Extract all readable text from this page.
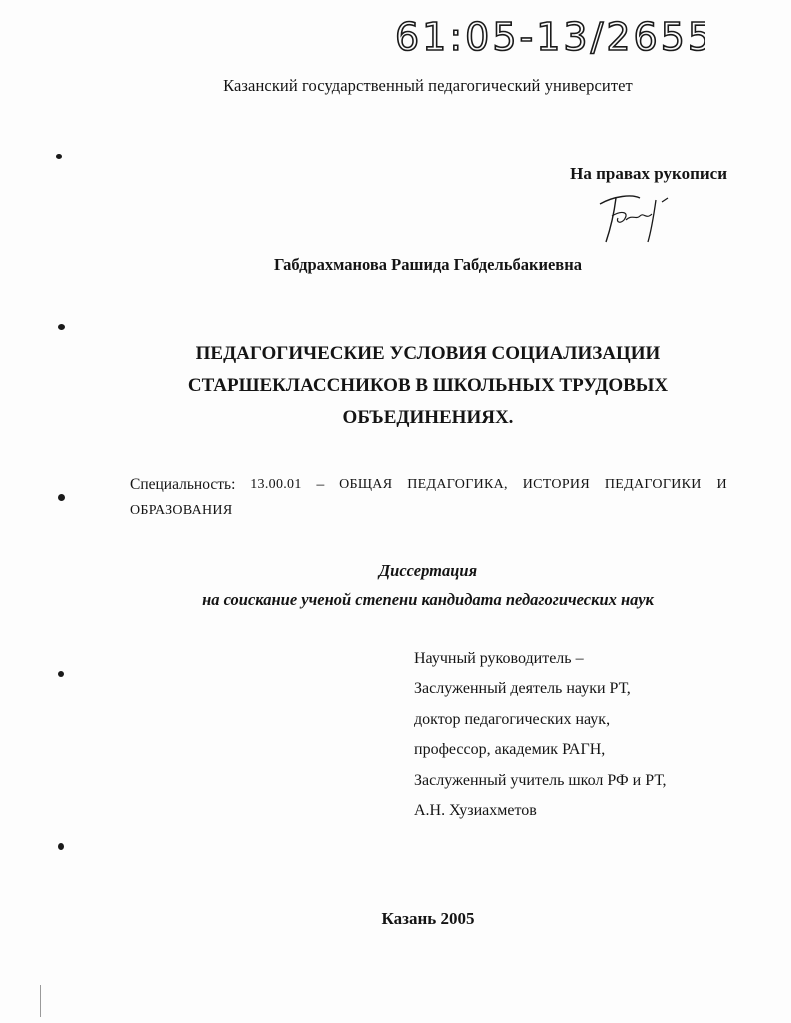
61:05-13/2655
Казанский государственный педагогический университет
На правах рукописи
Габдрахманова Рашида Габдельбакиевна
ПЕДАГОГИЧЕСКИЕ УСЛОВИЯ СОЦИАЛИЗАЦИИ
СТАРШЕКЛАССНИКОВ В ШКОЛЬНЫХ ТРУДОВЫХ
ОБЪЕДИНЕНИЯХ.
Специальность: 13.00.01 – ОБЩАЯ ПЕДАГОГИКА, ИСТОРИЯ ПЕДАГОГИКИ И
ОБРАЗОВАНИЯ
Диссертация
на соискание ученой степени кандидата педагогических наук
Научный руководитель –
Заслуженный деятель науки РТ,
доктор педагогических наук,
профессор, академик РАГН,
Заслуженный учитель школ РФ и РТ,
А.Н. Хузиахметов
Казань 2005
